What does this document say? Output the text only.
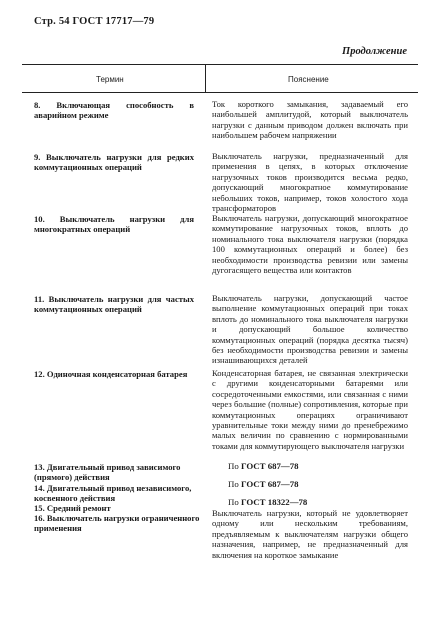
Стр. 54 ГОСТ 17717—79
Продолжение
Термин	Пояснение
8. Включающая способность в аварийном режиме
Ток короткого замыкания, задаваемый его наибольшей амплитудой, который выключатель нагрузки с данным приводом должен включать при наибольшем рабочем напряжении
9. Выключатель нагрузки для редких коммутационных операций
Выключатель нагрузки, предназначенный для применения в цепях, в которых отключение нагрузочных токов производится весьма редко, допускающий многократное коммутирование небольших токов, например, токов холостого хода трансформаторов
10. Выключатель нагрузки для многократных операций
Выключатель нагрузки, допускающий многократное коммутирование нагрузочных токов, вплоть до номинального тока выключателя нагрузки (порядка 100 коммутационных операций и более) без необходимости производства ревизии или замены дугогасящего вещества или контактов
11. Выключатель нагрузки для частых коммутационных операций
Выключатель нагрузки, допускающий частое выполнение коммутационных операций при токах вплоть до номинального тока выключателя нагрузки и допускающий большое количество коммутационных операций (порядка десятка тысяч) без необходимости производства ревизии и замены изнашивающихся деталей
12. Одиночная конденсаторная батарея	Конденсаторная батарея, не связанная электрически с другими конденсаторными батареями или сосредоточенными емкостями, или связанная с ними через большие (полные) сопротивления, которые при коммутационных операциях ограничивают уравнительные токи между ними до пренебрежимо малых величин по сравнению с нормированными токами для коммутирующего выключателя нагрузки
13. Двигательный привод зависимого (прямого) действия
14. Двигательный привод независимого, косвенного действия
15. Средний ремонт
16. Выключатель нагрузки ограниченного применения
По ГОСТ 687—78
По ГОСТ 687—78
По ГОСТ 18322—78
Выключатель нагрузки, который не удовлетворяет одному или нескольким требованиям, предъявляемым к выключателям нагрузки общего назначения, например, не предназначенный для включения на короткое замыкание
